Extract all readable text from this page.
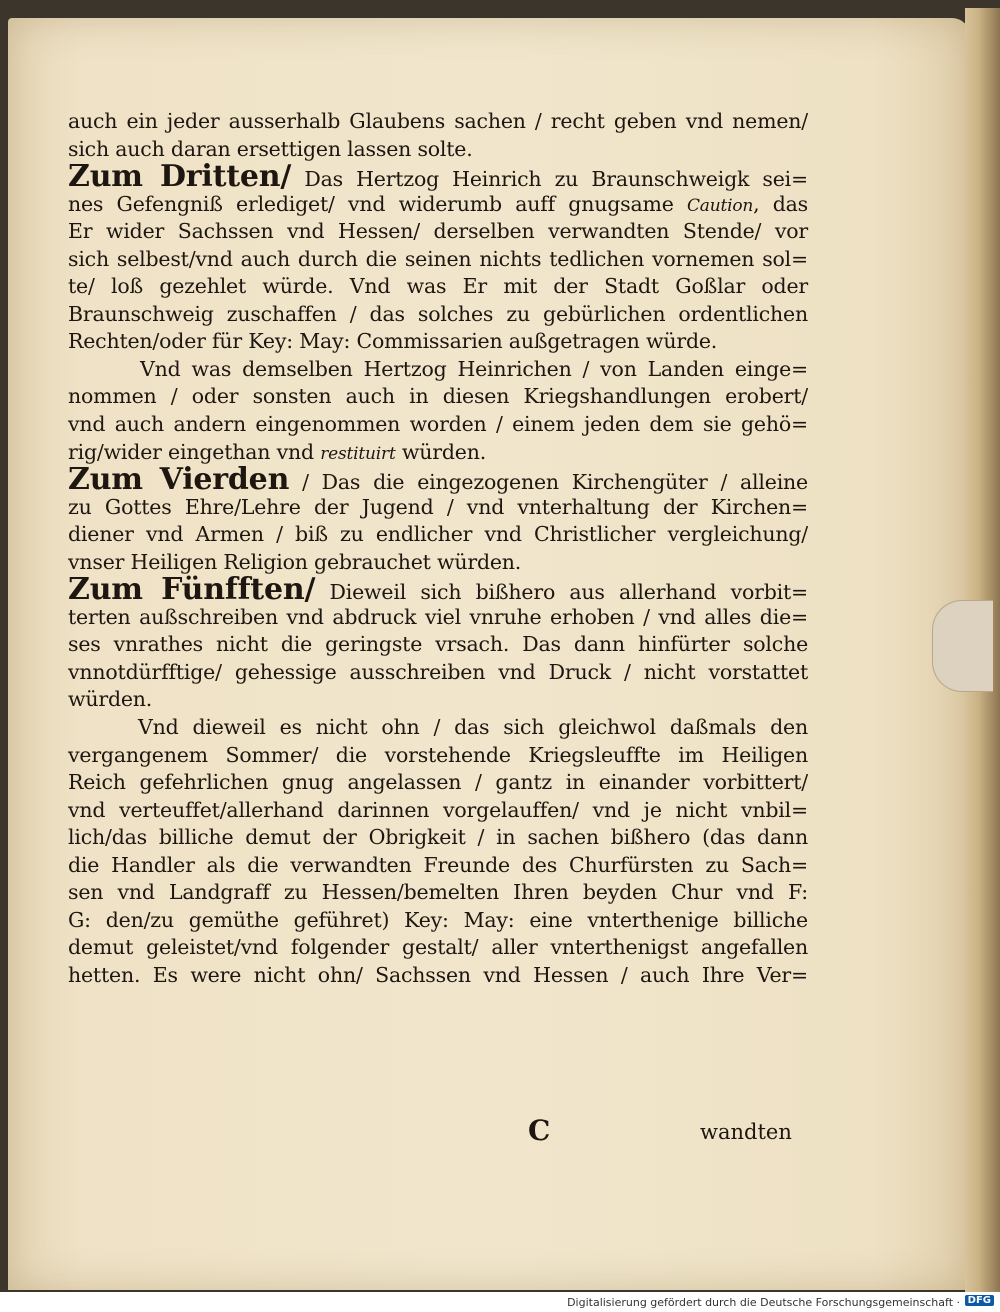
auch ein jeder ausserhalb Glaubens sachen / recht geben vnd nemen/
sich auch daran ersettigen lassen solte.
Zum Dritten/ Das Hertzog Heinrich zu Braunschweigk sei=
nes Gefengniß erlediget/ vnd widerumb auff gnugsame Caution, das
Er wider Sachssen vnd Hessen/ derselben verwandten Stende/ vor
sich selbest/vnd auch durch die seinen nichts tedlichen vornemen sol=
te/ loß gezehlet würde. Vnd was Er mit der Stadt Goßlar oder
Braunschweig zuschaffen / das solches zu gebürlichen ordentlichen
Rechten/oder für Key: May: Commissarien außgetragen würde.
Vnd was demselben Hertzog Heinrichen / von Landen einge=
nommen / oder sonsten auch in diesen Kriegshandlungen erobert/
vnd auch andern eingenommen worden / einem jeden dem sie gehö=
rig/wider eingethan vnd restituirt würden.
Zum Vierden / Das die eingezogenen Kirchengüter / alleine
zu Gottes Ehre/Lehre der Jugend / vnd vnterhaltung der Kirchen=
diener vnd Armen / biß zu endlicher vnd Christlicher vergleichung/
vnser Heiligen Religion gebrauchet würden.
Zum Fünfften/ Dieweil sich bißhero aus allerhand vorbit=
terten außschreiben vnd abdruck viel vnruhe erhoben / vnd alles die=
ses vnrathes nicht die geringste vrsach. Das dann hinfürter solche
vnnotdürfftige/ gehessige ausschreiben vnd Druck / nicht vorstattet
würden.
Vnd dieweil es nicht ohn / das sich gleichwol daßmals den
vergangenem Sommer/ die vorstehende Kriegsleuffte im Heiligen
Reich gefehrlichen gnug angelassen / gantz in einander vorbittert/
vnd verteuffet/allerhand darinnen vorgelauffen/ vnd je nicht vnbil=
lich/das billiche demut der Obrigkeit / in sachen bißhero (das dann
die Handler als die verwandten Freunde des Churfürsten zu Sach=
sen vnd Landgraff zu Hessen/bemelten Ihren beyden Chur vnd F:
G: den/zu gemüthe geführet) Key: May: eine vnterthenige billiche
demut geleistet/vnd folgender gestalt/ aller vnterthenigst angefallen
hetten. Es were nicht ohn/ Sachssen vnd Hessen / auch Ihre Ver=
C	wandten
Digitalisierung gefördert durch die Deutsche Forschungsgemeinschaft · DFG
